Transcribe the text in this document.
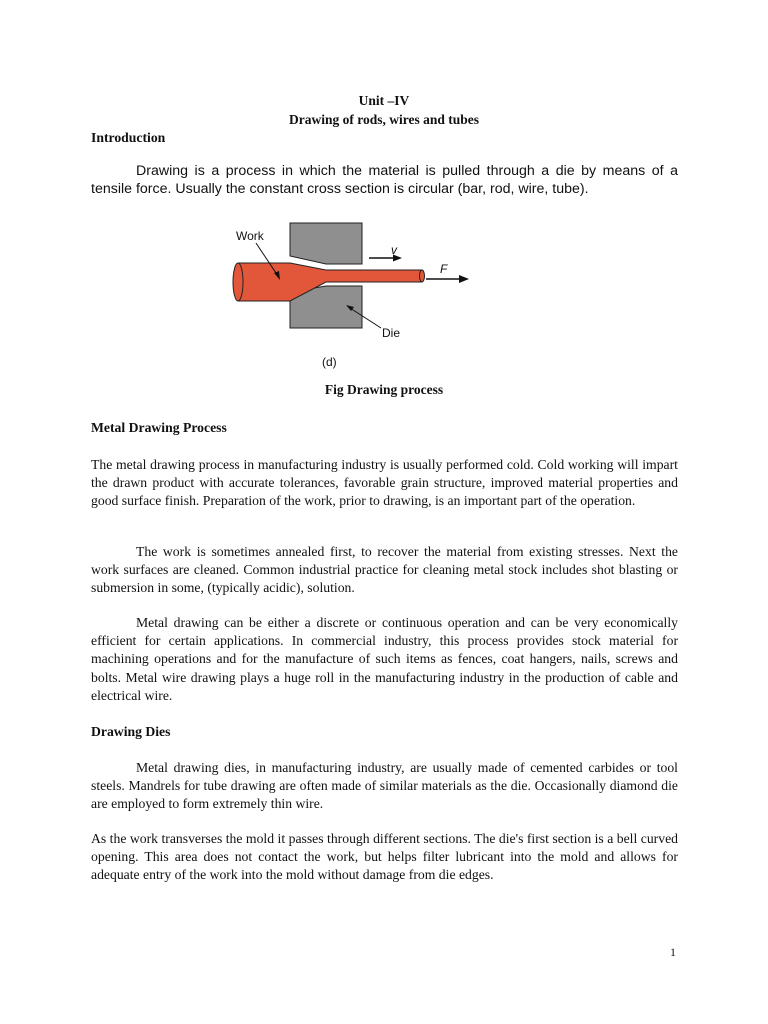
Unit –IV
Drawing of rods, wires and tubes

Introduction

Drawing is a process in which the material is pulled through a die by means of a tensile force. Usually the constant cross section is circular (bar, rod, wire, tube).

Work
v
F
Die
(d)
Fig Drawing process

Metal Drawing Process

The metal drawing process in manufacturing industry is usually performed cold. Cold working will impart the drawn product with accurate tolerances, favorable grain structure, improved material properties and good surface finish. Preparation of the work, prior to drawing, is an important part of the operation.

The work is sometimes annealed first, to recover the material from existing stresses. Next the work surfaces are cleaned. Common industrial practice for cleaning metal stock includes shot blasting or submersion in some, (typically acidic), solution.

Metal drawing can be either a discrete or continuous operation and can be very economically efficient for certain applications. In commercial industry, this process provides stock material for machining operations and for the manufacture of such items as fences, coat hangers, nails, screws and bolts. Metal wire drawing plays a huge roll in the manufacturing industry in the production of cable and electrical wire.

Drawing Dies

Metal drawing dies, in manufacturing industry, are usually made of cemented carbides or tool steels. Mandrels for tube drawing are often made of similar materials as the die. Occasionally diamond die are employed to form extremely thin wire.

As the work transverses the mold it passes through different sections. The die's first section is a bell curved opening. This area does not contact the work, but helps filter lubricant into the mold and allows for adequate entry of the work into the mold without damage from die edges.

1
